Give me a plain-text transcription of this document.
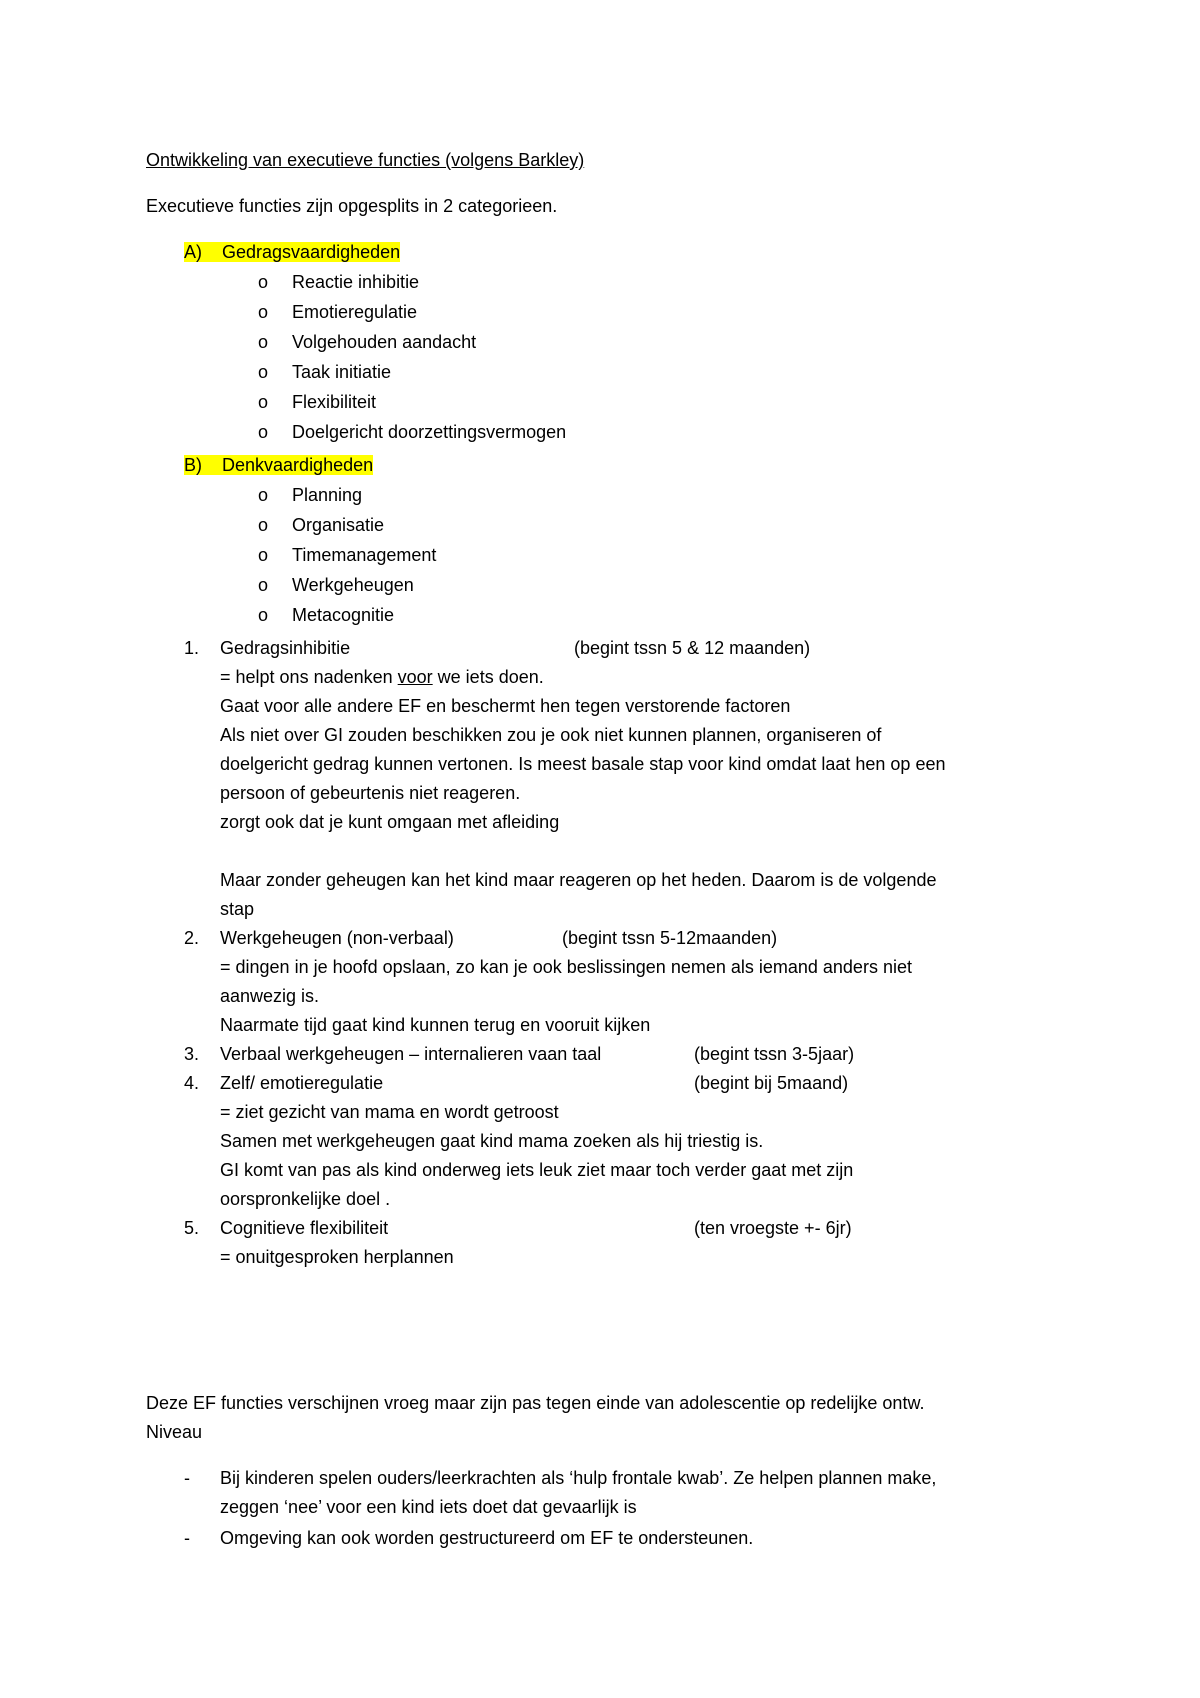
Ontwikkeling van executieve functies (volgens Barkley)
Executieve functies zijn opgesplits in 2 categorieen.
A) Gedragsvaardigheden
o Reactie inhibitie
o Emotieregulatie
o Volgehouden aandacht
o Taak initiatie
o Flexibiliteit
o Doelgericht doorzettingsvermogen
B) Denkvaardigheden
o Planning
o Organisatie
o Timemanagement
o Werkgeheugen
o Metacognitie
1. Gedragsinhibitie	(begint tssn 5 & 12 maanden)
= helpt ons nadenken voor we iets doen.
Gaat voor alle andere EF en beschermt hen tegen verstorende factoren
Als niet over GI zouden beschikken zou je ook niet kunnen plannen, organiseren of
doelgericht gedrag kunnen vertonen. Is meest basale stap voor kind omdat laat hen op een
persoon of gebeurtenis niet reageren.
zorgt ook dat je kunt omgaan met afleiding
Maar zonder geheugen kan het kind maar reageren op het heden. Daarom is de volgende
stap
2. Werkgeheugen (non-verbaal)	(begint tssn 5-12maanden)
= dingen in je hoofd opslaan, zo kan je ook beslissingen nemen als iemand anders niet
aanwezig is.
Naarmate tijd gaat kind kunnen terug en vooruit kijken
3. Verbaal werkgeheugen – internalieren vaan taal	(begint tssn 3-5jaar)
4. Zelf/ emotieregulatie	(begint bij 5maand)
= ziet gezicht van mama en wordt getroost
Samen met werkgeheugen gaat kind mama zoeken als hij triestig is.
GI komt van pas als kind onderweg iets leuk ziet maar toch verder gaat met zijn
oorspronkelijke doel .
5. Cognitieve flexibiliteit	(ten vroegste +- 6jr)
= onuitgesproken herplannen
Deze EF functies verschijnen vroeg maar zijn pas tegen einde van adolescentie op redelijke ontw.
Niveau
- Bij kinderen spelen ouders/leerkrachten als ‘hulp frontale kwab’. Ze helpen plannen make,
zeggen ‘nee’ voor een kind iets doet dat gevaarlijk is
- Omgeving kan ook worden gestructureerd om EF te ondersteunen.
